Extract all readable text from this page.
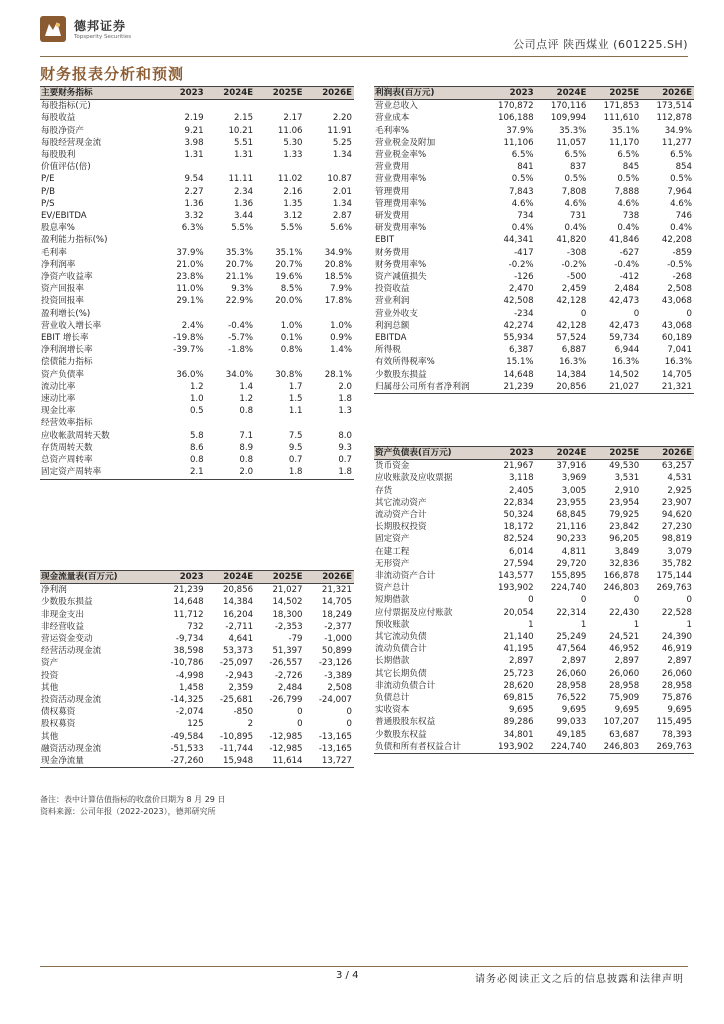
德邦证券
Topsperity Securities
公司点评 陕西煤业 (601225.SH)
财务报表分析和预测
主要财务指标	2023	2024E	2025E	2026E
每股指标(元)				
每股收益	2.19	2.15	2.17	2.20
每股净资产	9.21	10.21	11.06	11.91
每股经营现金流	3.98	5.51	5.30	5.25
每股股利	1.31	1.31	1.33	1.34
价值评估(倍)				
P/E	9.54	11.11	11.02	10.87
P/B	2.27	2.34	2.16	2.01
P/S	1.36	1.36	1.35	1.34
EV/EBITDA	3.32	3.44	3.12	2.87
股息率%	6.3%	5.5%	5.5%	5.6%
盈利能力指标(%)				
毛利率	37.9%	35.3%	35.1%	34.9%
净利润率	21.0%	20.7%	20.7%	20.8%
净资产收益率	23.8%	21.1%	19.6%	18.5%
资产回报率	11.0%	9.3%	8.5%	7.9%
投资回报率	29.1%	22.9%	20.0%	17.8%
盈利增长(%)				
营业收入增长率	2.4%	-0.4%	1.0%	1.0%
EBIT 增长率	-19.8%	-5.7%	0.1%	0.9%
净利润增长率	-39.7%	-1.8%	0.8%	1.4%
偿债能力指标				
资产负债率	36.0%	34.0%	30.8%	28.1%
流动比率	1.2	1.4	1.7	2.0
速动比率	1.0	1.2	1.5	1.8
现金比率	0.5	0.8	1.1	1.3
经营效率指标				
应收帐款周转天数	5.8	7.1	7.5	8.0
存货周转天数	8.6	8.9	9.5	9.3
总资产周转率	0.8	0.8	0.7	0.7
固定资产周转率	2.1	2.0	1.8	1.8
利润表(百万元)	2023	2024E	2025E	2026E
营业总收入	170,872	170,116	171,853	173,514
营业成本	106,188	109,994	111,610	112,878
毛利率%	37.9%	35.3%	35.1%	34.9%
营业税金及附加	11,106	11,057	11,170	11,277
营业税金率%	6.5%	6.5%	6.5%	6.5%
营业费用	841	837	845	854
营业费用率%	0.5%	0.5%	0.5%	0.5%
管理费用	7,843	7,808	7,888	7,964
管理费用率%	4.6%	4.6%	4.6%	4.6%
研发费用	734	731	738	746
研发费用率%	0.4%	0.4%	0.4%	0.4%
EBIT	44,341	41,820	41,846	42,208
财务费用	-417	-308	-627	-859
财务费用率%	-0.2%	-0.2%	-0.4%	-0.5%
资产减值损失	-126	-500	-412	-268
投资收益	2,470	2,459	2,484	2,508
营业利润	42,508	42,128	42,473	43,068
营业外收支	-234	0	0	0
利润总额	42,274	42,128	42,473	43,068
EBITDA	55,934	57,524	59,734	60,189
所得税	6,387	6,887	6,944	7,041
有效所得税率%	15.1%	16.3%	16.3%	16.3%
少数股东损益	14,648	14,384	14,502	14,705
归属母公司所有者净利润	21,239	20,856	21,027	21,321
资产负债表(百万元)	2023	2024E	2025E	2026E
货币资金	21,967	37,916	49,530	63,257
应收账款及应收票据	3,118	3,969	3,531	4,531
存货	2,405	3,005	2,910	2,925
其它流动资产	22,834	23,955	23,954	23,907
流动资产合计	50,324	68,845	79,925	94,620
长期股权投资	18,172	21,116	23,842	27,230
固定资产	82,524	90,233	96,205	98,819
在建工程	6,014	4,811	3,849	3,079
无形资产	27,594	29,720	32,836	35,782
非流动资产合计	143,577	155,895	166,878	175,144
资产总计	193,902	224,740	246,803	269,763
短期借款	0	0	0	0
应付票据及应付账款	20,054	22,314	22,430	22,528
预收账款	1	1	1	1
其它流动负债	21,140	25,249	24,521	24,390
流动负债合计	41,195	47,564	46,952	46,919
长期借款	2,897	2,897	2,897	2,897
其它长期负债	25,723	26,060	26,060	26,060
非流动负债合计	28,620	28,958	28,958	28,958
负债总计	69,815	76,522	75,909	75,876
实收资本	9,695	9,695	9,695	9,695
普通股股东权益	89,286	99,033	107,207	115,495
少数股东权益	34,801	49,185	63,687	78,393
负债和所有者权益合计	193,902	224,740	246,803	269,763
现金流量表(百万元)	2023	2024E	2025E	2026E
净利润	21,239	20,856	21,027	21,321
少数股东损益	14,648	14,384	14,502	14,705
非现金支出	11,712	16,204	18,300	18,249
非经营收益	732	-2,711	-2,353	-2,377
营运资金变动	-9,734	4,641	-79	-1,000
经营活动现金流	38,598	53,373	51,397	50,899
资产	-10,786	-25,097	-26,557	-23,126
投资	-4,998	-2,943	-2,726	-3,389
其他	1,458	2,359	2,484	2,508
投资活动现金流	-14,325	-25,681	-26,799	-24,007
债权募资	-2,074	-850	0	0
股权募资	125	2	0	0
其他	-49,584	-10,895	-12,985	-13,165
融资活动现金流	-51,533	-11,744	-12,985	-13,165
现金净流量	-27,260	15,948	11,614	13,727
备注：表中计算估值指标的收盘价日期为 8 月 29 日
资料来源：公司年报（2022-2023），德邦研究所
3 / 4	请务必阅读正文之后的信息披露和法律声明
